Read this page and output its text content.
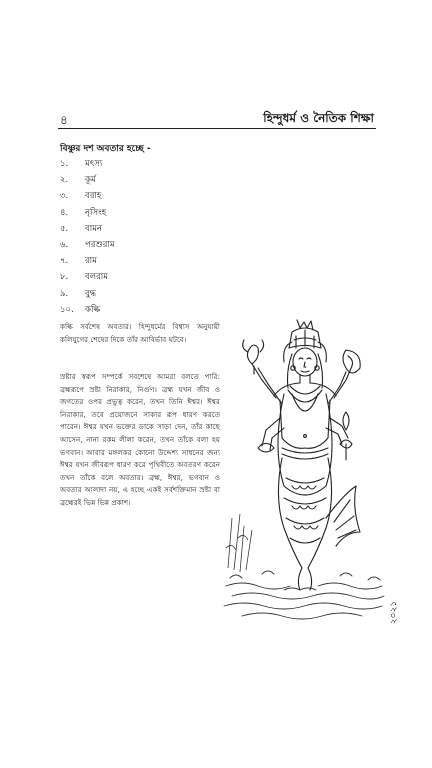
৪	হিন্দুধর্ম ও নৈতিক শিক্ষা
বিষ্ণুর দশ অবতার হচ্ছে -
১. মৎস্য
২. কূর্ম
৩. বরাহ
৪. নৃসিংহ
৫. বামন
৬. পরশুরাম
৭. রাম
৮. বলরাম
৯. বুদ্ধ
১০. কল্কি

কল্কি সর্বশেষ অবতার। হিন্দুধর্মের বিশ্বাস অনুযায়ী কলিযুগের শেষের দিকে তাঁর আবির্ভাব ঘটবে।

স্রষ্টার স্বরূপ সম্পর্কে সবশেষে আমরা বলতে পারি: ব্রহ্মরূপে স্রষ্টা নিরাকার, নির্গুণ। ব্রহ্ম যখন জীব ও জগতের ওপর প্রভুত্ব করেন, তখন তিনি ঈশ্বর। ঈশ্বর নিরাকার, তবে প্রয়োজনে সাকার রূপ ধারণ করতে পারেন। ঈশ্বর যখন ভক্তের ডাকে সাড়া দেন, তাঁর কাছে আসেন, নানা রকম লীলা করেন, তখন তাঁকে বলা হয় ভগবান। আবার মঙ্গলকর কোনো উদ্দেশ্য সাধনের জন্য ঈশ্বর যখন জীবরূপ ধারণ করে পৃথিবীতে অবতরণ করেন তখন তাঁকে বলে অবতার। ব্রহ্ম, ঈশ্বর, ভগবান ও অবতার আলাদা নয়, এ হচ্ছে একই সর্বশক্তিমান স্রষ্টা বা ব্রহ্মেরই ভিন্ন ভিন্ন প্রকাশ।

২০২১
